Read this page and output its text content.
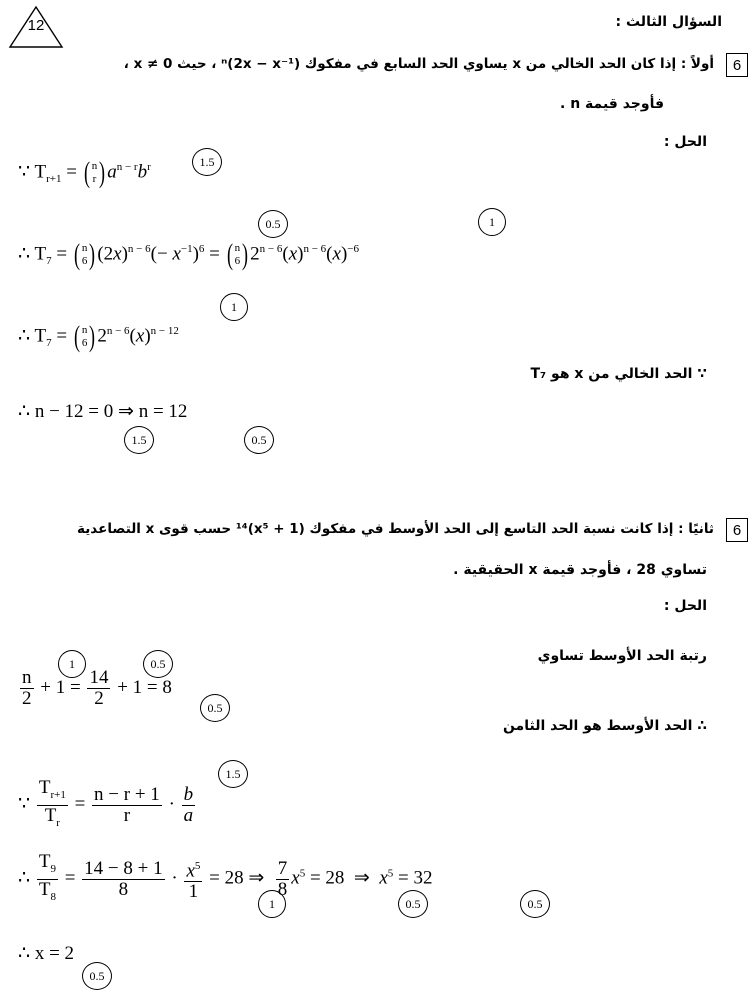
12	السؤال الثالث :
6
أولاً : إذا كان الحد الخالي من x يساوي الحد السابع في مفكوك (2x − x⁻¹)ⁿ ، حيث x ≠ 0 ،
فأوجد قيمة n .
الحل :
∵ $T_{r+1}$ = ( n
r ) $a^{n - r}b^r$	1.5
∴ $T_7$ = ( n
6 ) $(2x)^{n - 6}(- x^{-1})^6$ = ( n
6 ) $2^{n - 6}(x)^{n - 6}(x)^{-6}$
0.5	1
∴ $T_7$ = ( n
6 ) $2^{n - 6}(x)^{n - 12}$
1
∵ الحد الخالي من x هو T₇
∴ n − 12 = 0 ⇒ n = 12
1.5	0.5
6
ثانيًا : إذا كانت نسبة الحد التاسع إلى الحد الأوسط في مفكوك (1 + x⁵)¹⁴ حسب قوى x التصاعدية
تساوي 28 ، فأوجد قيمة x الحقيقية .
الحل :
رتبة الحد الأوسط تساوي
$\frac{n}{2} + 1 = \frac{14}{2} + 1 = 8$
1	0.5
0.5
∴ الحد الأوسط هو الحد الثامن
∵ $\frac{T_{r+1}}{T_r} = \frac{n - r + 1}{r} \cdot \frac{b}{a}$
1.5
∴ $\frac{T_9}{T_8} = \frac{14 - 8 + 1}{8} \cdot \frac{x^5}{1} = 28$ ⇒ $\frac{7}{8} x^5 = 28$  ⇒  $x^5 = 32$
1	0.5	0.5
∴ x = 2
0.5
